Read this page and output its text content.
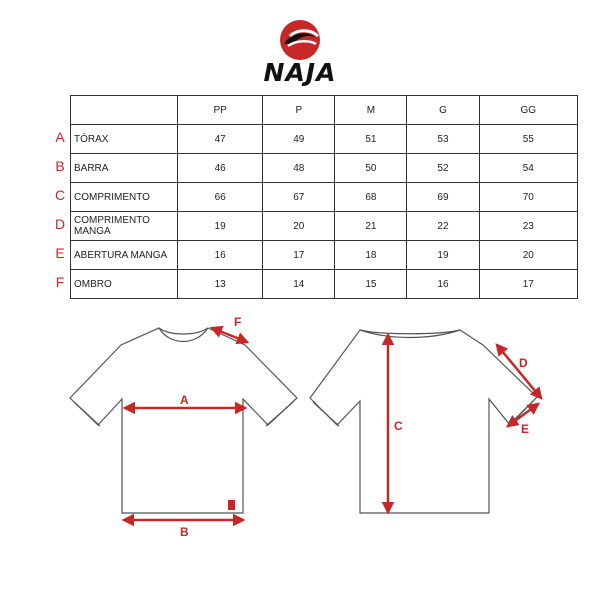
NAJA
A
B
C
D
E
F
	PP	P	M	G	GG
TÓRAX	47	49	51	53	55
BARRA	46	48	50	52	54
COMPRIMENTO	66	67	68	69	70
COMPRIMENTO MANGA	19	20	21	22	23
ABERTURA MANGA	16	17	18	19	20
OMBRO	13	14	15	16	17
A
B
F
C
D
E
